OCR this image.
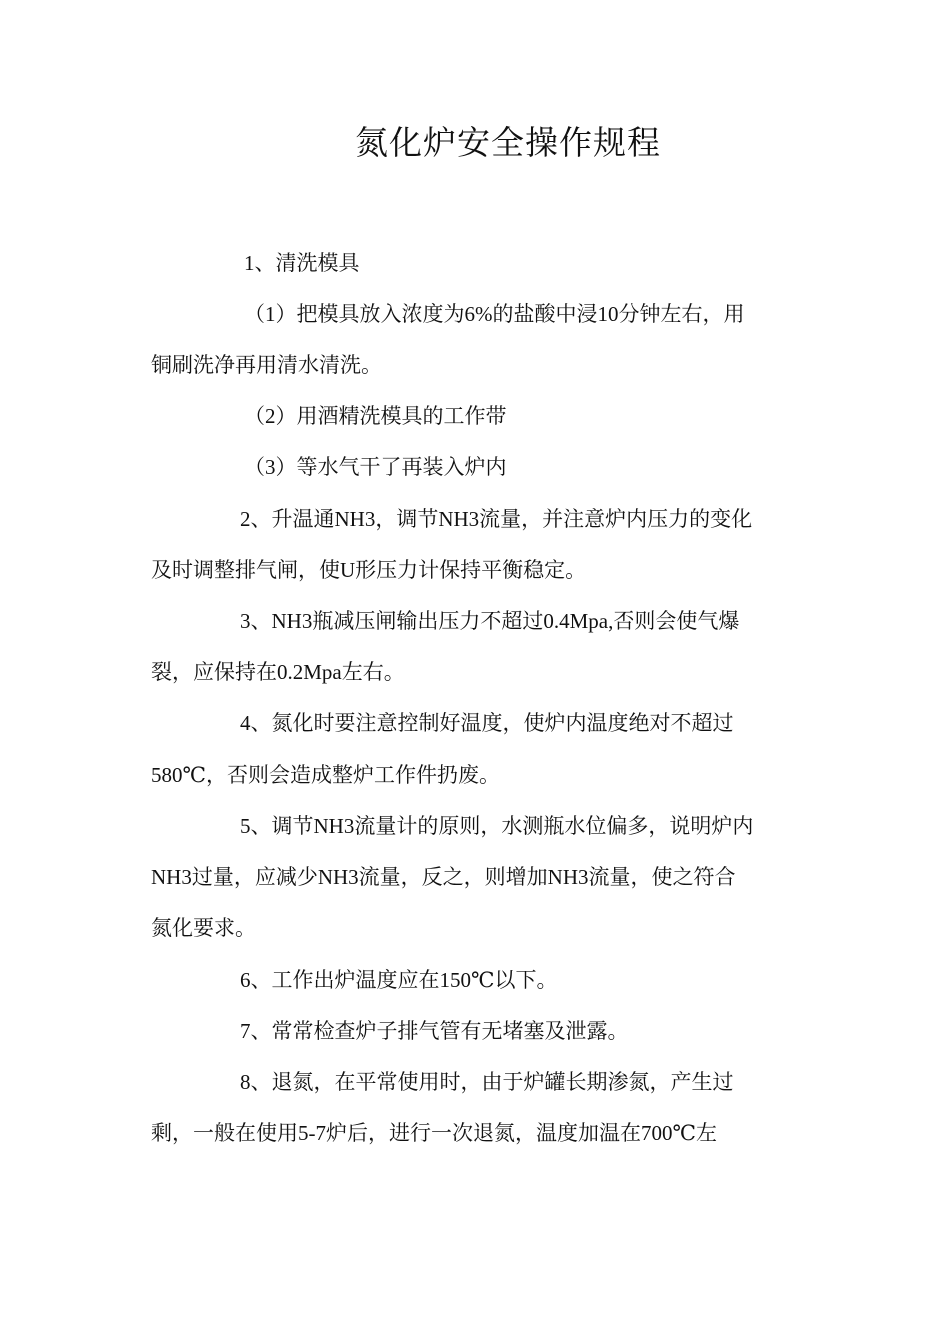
氮化炉安全操作规程

1、清洗模具

（1）把模具放入浓度为6%的盐酸中浸10分钟左右，用

铜刷洗净再用清水清洗。

（2）用酒精洗模具的工作带

（3）等水气干了再装入炉内

2、升温通NH3，调节NH3流量，并注意炉内压力的变化

及时调整排气闸，使U形压力计保持平衡稳定。

3、NH3瓶减压闸输出压力不超过0.4Mpa,否则会使气爆

裂，应保持在0.2Mpa左右。

4、氮化时要注意控制好温度，使炉内温度绝对不超过

580℃，否则会造成整炉工作件扔废。

5、调节NH3流量计的原则，水测瓶水位偏多，说明炉内

NH3过量，应减少NH3流量，反之，则增加NH3流量，使之符合

氮化要求。

6、工作出炉温度应在150℃以下。

7、常常检查炉子排气管有无堵塞及泄露。

8、退氮，在平常使用时，由于炉罐长期渗氮，产生过

剩，一般在使用5-7炉后，进行一次退氮，温度加温在700℃左
